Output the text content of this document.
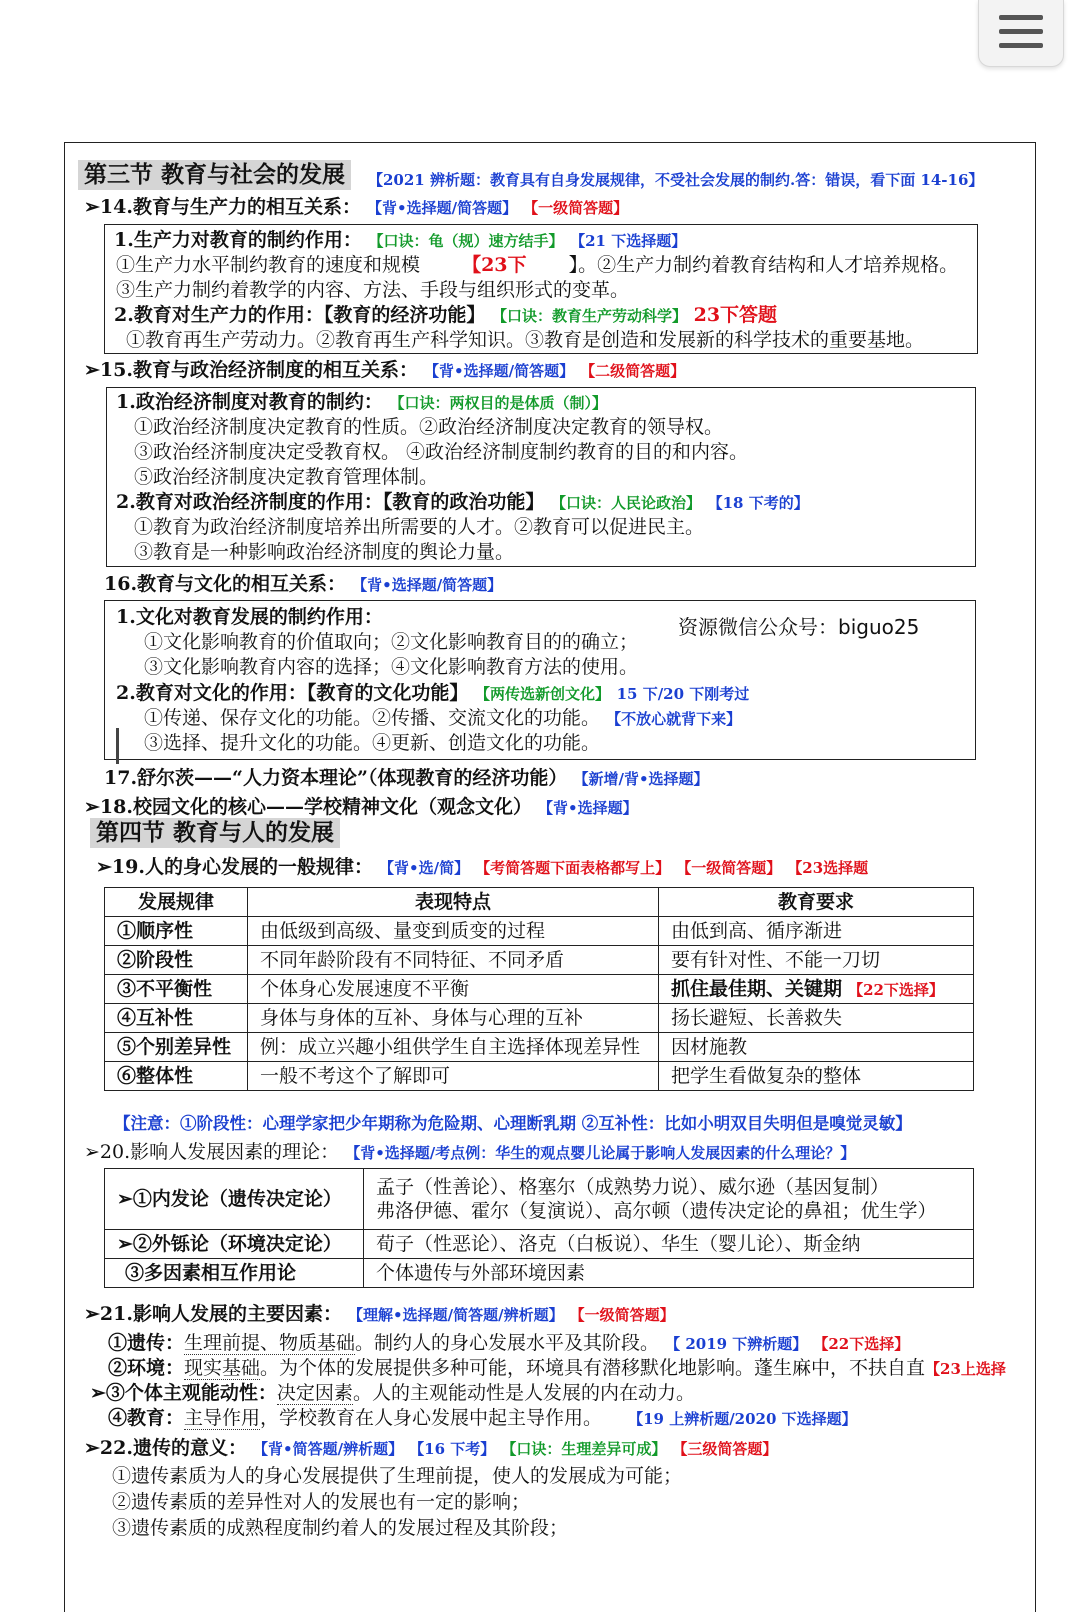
第三节 教育与社会的发展	【2021 辨析题：教育具有自身发展规律，不受社会发展的制约.答：错误，看下面 14-16】
➢14.教育与生产力的相互关系： 【背•选择题/简答题】 【一级简答题】
1.生产力对教育的制约作用： 【口诀：龟（规）速方结手】 【21 下选择题】
①生产力水平制约教育的速度和规模 【23下 】。②生产力制约着教育结构和人才培养规格。
③生产力制约着教学的内容、方法、手段与组织形式的变革。
2.教育对生产力的作用：【教育的经济功能】 【口诀：教育生产劳动科学】 23下答题
①教育再生产劳动力。②教育再生产科学知识。③教育是创造和发展新的科学技术的重要基地。
➢15.教育与政治经济制度的相互关系： 【背•选择题/简答题】 【二级简答题】
1.政治经济制度对教育的制约： 【口诀：两权目的是体质（制）】
①政治经济制度决定教育的性质。②政治经济制度决定教育的领导权。
③政治经济制度决定受教育权。 ④政治经济制度制约教育的目的和内容。
⑤政治经济制度决定教育管理体制。
2.教育对政治经济制度的作用：【教育的政治功能】 【口诀：人民论政治】 【18 下考的】
①教育为政治经济制度培养出所需要的人才。②教育可以促进民主。
③教育是一种影响政治经济制度的舆论力量。
16.教育与文化的相互关系： 【背•选择题/简答题】
1.文化对教育发展的制约作用：
①文化影响教育的价值取向；②文化影响教育目的的确立；
③文化影响教育内容的选择；④文化影响教育方法的使用。
资源微信公众号：biguo25
2.教育对文化的作用：【教育的文化功能】 【两传选新创文化】 15 下/20 下刚考过
①传递、保存文化的功能。②传播、交流文化的功能。 【不放心就背下来】
③选择、提升文化的功能。④更新、创造文化的功能。
17.舒尔茨——“人力资本理论”（体现教育的经济功能） 【新增/背•选择题】
➢18.校园文化的核心——学校精神文化（观念文化） 【背•选择题】
第四节 教育与人的发展
➢19.人的身心发展的一般规律： 【背•选/简】 【考简答题下面表格都写上】 【一级简答题】 【23选择题
发展规律	表现特点	教育要求
①顺序性	由低级到高级、量变到质变的过程	由低到高、循序渐进
②阶段性	不同年龄阶段有不同特征、不同矛盾	要有针对性、不能一刀切
③不平衡性	个体身心发展速度不平衡	抓住最佳期、关键期 【22下选择】
④互补性	身体与身体的互补、身体与心理的互补	扬长避短、长善救失
⑤个别差异性	例：成立兴趣小组供学生自主选择体现差异性	因材施教
⑥整体性	一般不考这个了解即可	把学生看做复杂的整体
【注意：①阶段性：心理学家把少年期称为危险期、心理断乳期 ②互补性：比如小明双目失明但是嗅觉灵敏】
➢20.影响人发展因素的理论： 【背•选择题/考点例：华生的观点婴儿论属于影响人发展因素的什么理论？】
➢①内发论（遗传决定论）	孟子（性善论）、格塞尔（成熟势力说）、威尔逊（基因复制）
弗洛伊德、霍尔（复演说）、高尔顿（遗传决定论的鼻祖；优生学）

➢②外铄论（环境决定论）	荀子（性恶论）、洛克（白板说）、华生（婴儿论）、斯金纳
③多因素相互作用论	个体遗传与外部环境因素
➢21.影响人发展的主要因素： 【理解•选择题/简答题/辨析题】 【一级简答题】
①遗传：生理前提、物质基础。制约人的身心发展水平及其阶段。 【 2019 下辨析题】 【22下选择】
②环境：现实基础。为个体的发展提供多种可能，环境具有潜移默化地影响。蓬生麻中，不扶自直【23上选择
➢③个体主观能动性：决定因素。人的主观能动性是人发展的内在动力。
④教育：主导作用，学校教育在人身心发展中起主导作用。 【19 上辨析题/2020 下选择题】
➢22.遗传的意义： 【背•简答题/辨析题】 【16 下考】 【口诀：生理差异可成】 【三级简答题】
①遗传素质为人的身心发展提供了生理前提，使人的发展成为可能；
②遗传素质的差异性对人的发展也有一定的影响；
③遗传素质的成熟程度制约着人的发展过程及其阶段；
